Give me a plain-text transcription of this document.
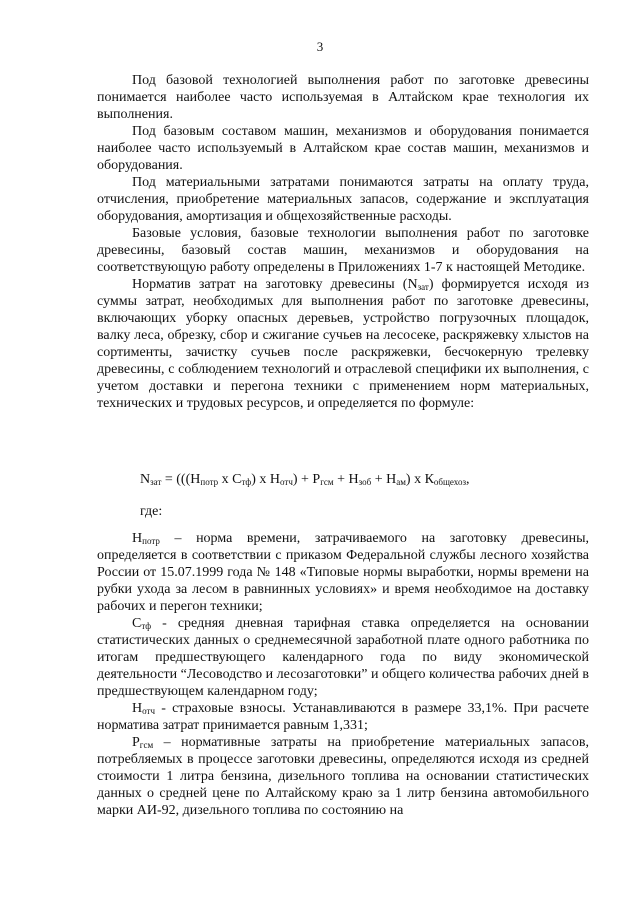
3

Под базовой технологией выполнения работ по заготовке древесины понимается наиболее часто используемая в Алтайском крае технология их выполнения.

Под базовым составом машин, механизмов и оборудования понимается наиболее часто используемый в Алтайском крае состав машин, механизмов и оборудования.

Под материальными затратами понимаются затраты на оплату труда, отчисления, приобретение материальных запасов, содержание и эксплуатация оборудования, амортизация и общехозяйственные расходы.

Базовые условия, базовые технологии выполнения работ по заготовке древесины, базовый состав машин, механизмов и оборудования на соответствующую работу определены в Приложениях 1-7 к настоящей Методике.

Норматив затрат на заготовку древесины $(N_{зат})$ формируется исходя из суммы затрат, необходимых для выполнения работ по заготовке древесины, включающих уборку опасных деревьев, устройство погрузочных площадок, валку леса, обрезку, сбор и сжигание сучьев на лесосеке, раскряжевку хлыстов на сортименты, зачистку сучьев после раскряжевки, бесчокерную трелевку древесины, с соблюдением технологий и отраслевой специфики их выполнения, с учетом доставки и перегона техники с применением норм материальных, технических и трудовых ресурсов, и определяется по формуле:

$N_{зат} = (((Н_{потр}$ x $С_{тф}$) x $Н_{отч}) + Р_{гсм} + Н_{зоб} + Н_{ам}$) x $К_{общехоз}$,
где:

$Н_{потр}$ – норма времени, затрачиваемого на заготовку древесины, определяется в соответствии с приказом Федеральной службы лесного хозяйства России от 15.07.1999 года № 148 «Типовые нормы выработки, нормы времени на рубки ухода за лесом в равнинных условиях» и время необходимое на доставку рабочих и перегон техники;

$С_{тф}$ - средняя дневная тарифная ставка определяется на основании статистических данных о среднемесячной заработной плате одного работника по итогам предшествующего календарного года по виду экономической деятельности “Лесоводство и лесозаготовки” и общего количества рабочих дней в предшествующем календарном году;

$Н_{отч}$ - страховые взносы. Устанавливаются в размере 33,1%. При расчете норматива затрат принимается равным 1,331;

$Р_{гсм}$ – нормативные затраты на приобретение материальных запасов, потребляемых в процессе заготовки древесины, определяются исходя из средней стоимости 1 литра бензина, дизельного топлива на основании статистических данных о средней цене по Алтайскому краю за 1 литр бензина автомобильного марки АИ-92, дизельного топлива по состоянию на
